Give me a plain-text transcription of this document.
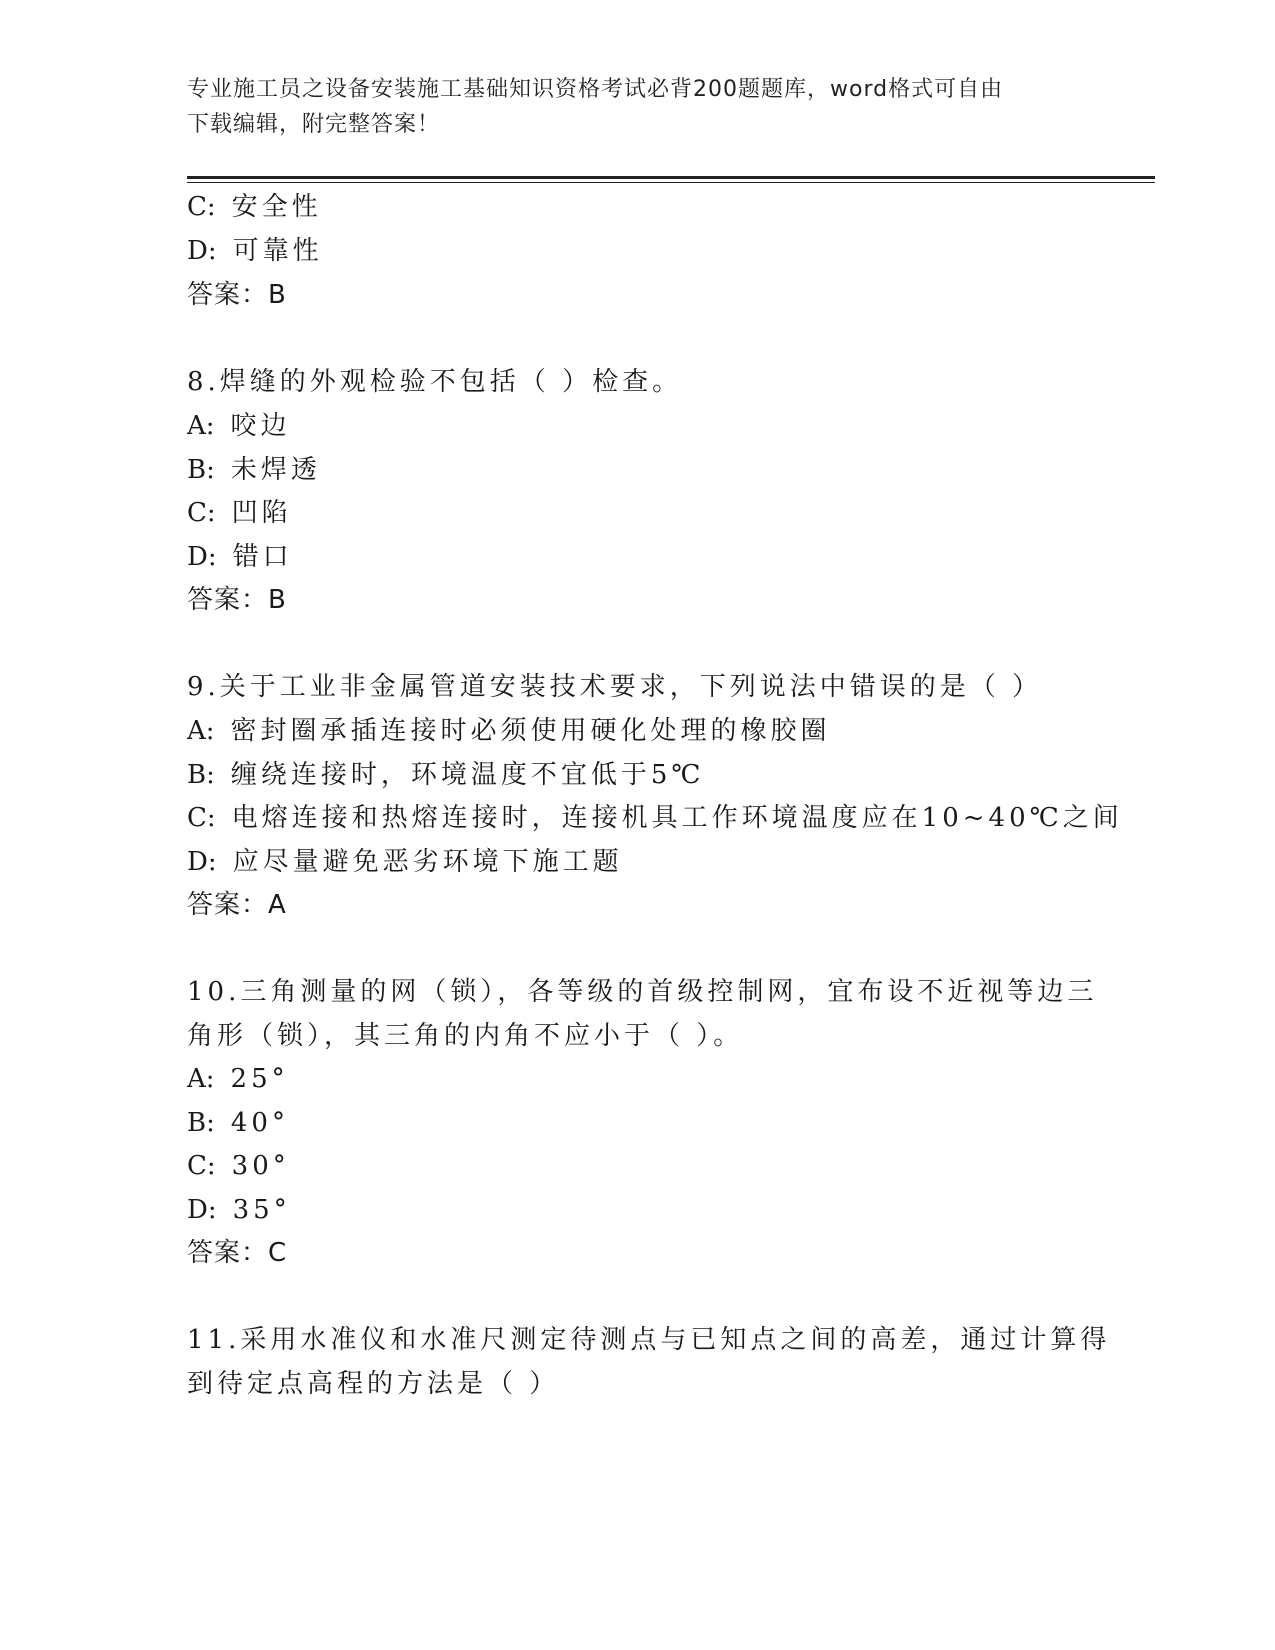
专业施工员之设备安装施工基础知识资格考试必背200题题库，word格式可自由
下载编辑，附完整答案！
C: 安全性
D: 可靠性
答案：B
8.焊缝的外观检验不包括（ ）检查。
A: 咬边
B: 未焊透
C: 凹陷
D: 错口
答案：B
9.关于工业非金属管道安装技术要求，下列说法中错误的是（ ）
A: 密封圈承插连接时必须使用硬化处理的橡胶圈
B: 缠绕连接时，环境温度不宜低于5℃
C: 电熔连接和热熔连接时，连接机具工作环境温度应在10~40℃之间
D: 应尽量避免恶劣环境下施工题
答案：A
10.三角测量的网（锁），各等级的首级控制网，宜布设不近视等边三
角形（锁），其三角的内角不应小于（ ）。
A: 25°
B: 40°
C: 30°
D: 35°
答案：C
11.采用水准仪和水准尺测定待测点与已知点之间的高差，通过计算得
到待定点高程的方法是（ ）
